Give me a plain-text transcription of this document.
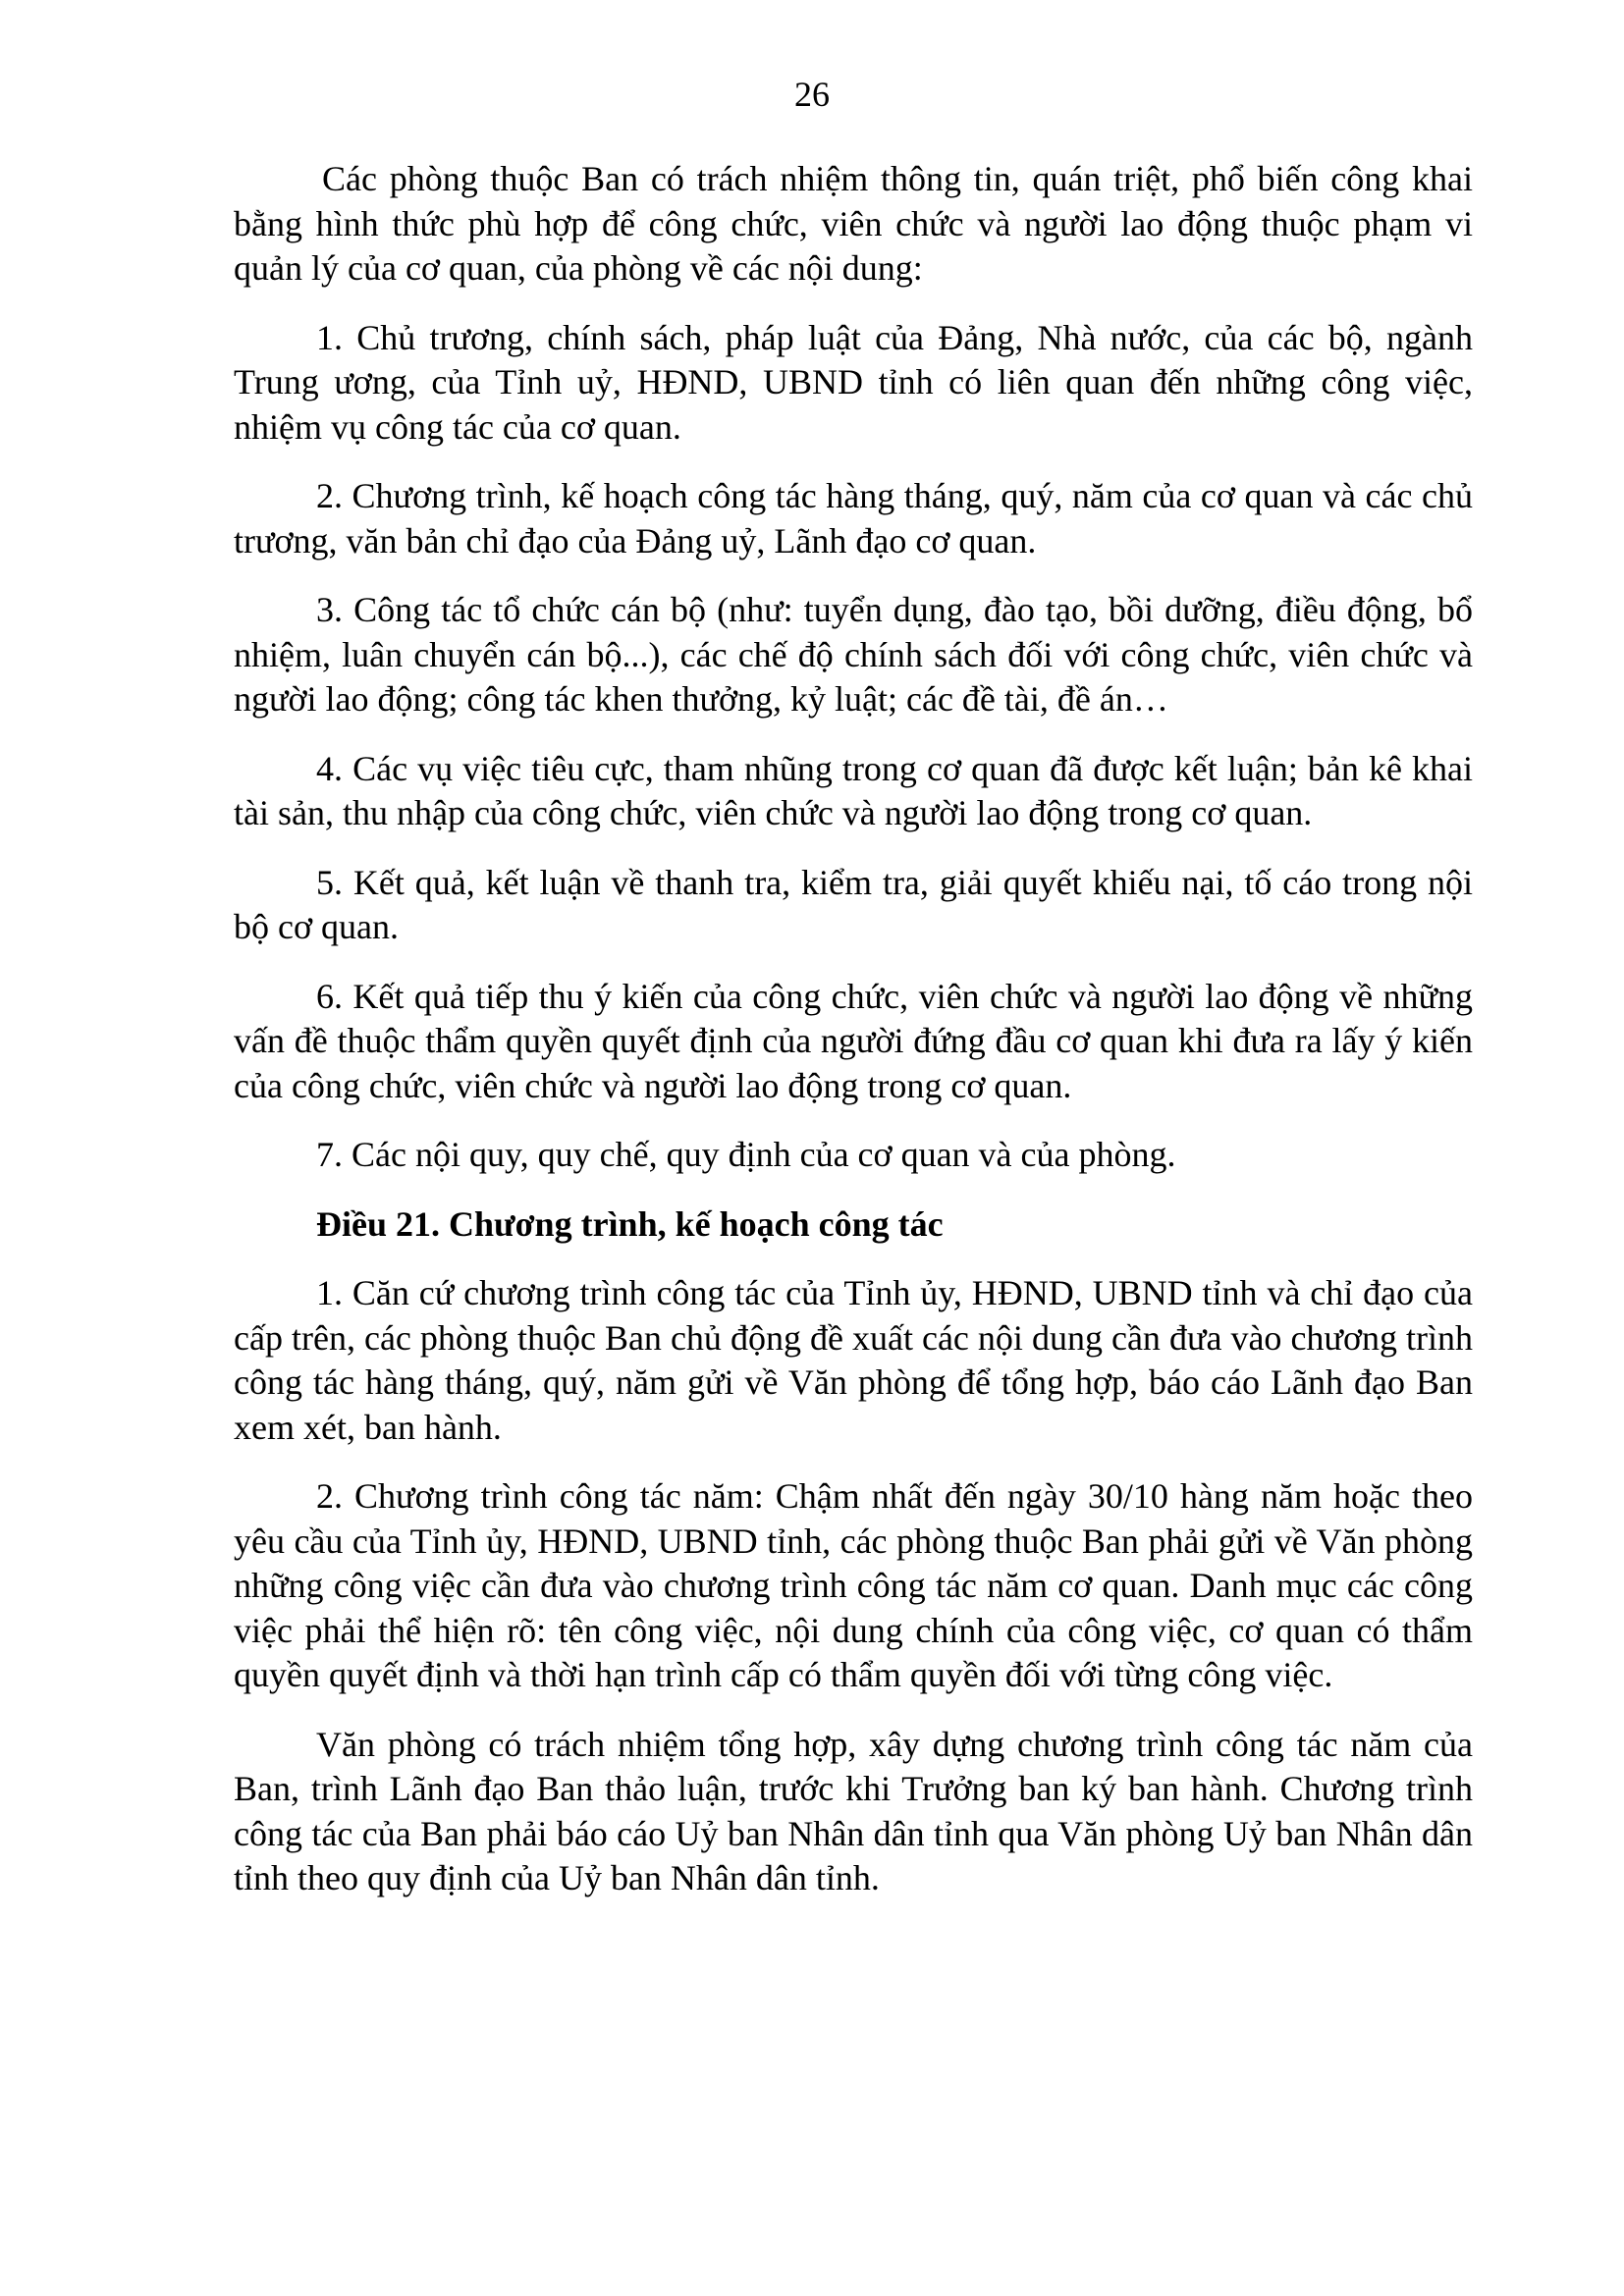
26

Các phòng thuộc Ban có trách nhiệm thông tin, quán triệt, phổ biến công khai bằng hình thức phù hợp để công chức, viên chức và người lao động thuộc phạm vi quản lý của cơ quan, của phòng về các nội dung:

1. Chủ trương, chính sách, pháp luật của Đảng, Nhà nước, của các bộ, ngành Trung ương, của Tỉnh uỷ, HĐND, UBND tỉnh có liên quan đến những công việc, nhiệm vụ công tác của cơ quan.

2. Chương trình, kế hoạch công tác hàng tháng, quý, năm của cơ quan và các chủ trương, văn bản chỉ đạo của Đảng uỷ, Lãnh đạo cơ quan.

3. Công tác tổ chức cán bộ (như: tuyển dụng, đào tạo, bồi dưỡng, điều động, bổ nhiệm, luân chuyển cán bộ...), các chế độ chính sách đối với công chức, viên chức và người lao động; công tác khen thưởng, kỷ luật; các đề tài, đề án…

4. Các vụ việc tiêu cực, tham nhũng trong cơ quan đã được kết luận; bản kê khai tài sản, thu nhập của công chức, viên chức và người lao động trong cơ quan.

5. Kết quả, kết luận về thanh tra, kiểm tra, giải quyết khiếu nại, tố cáo trong nội bộ cơ quan.

6. Kết quả tiếp thu ý kiến của công chức, viên chức và người lao động về những vấn đề thuộc thẩm quyền quyết định của người đứng đầu cơ quan khi đưa ra lấy ý kiến của công chức, viên chức và người lao động trong cơ quan.

7. Các nội quy, quy chế, quy định của cơ quan và của phòng.

Điều 21. Chương trình, kế hoạch công tác

1. Căn cứ chương trình công tác của Tỉnh ủy, HĐND, UBND tỉnh và chỉ đạo của cấp trên, các phòng thuộc Ban chủ động đề xuất các nội dung cần đưa vào chương trình công tác hàng tháng, quý, năm gửi về Văn phòng để tổng hợp, báo cáo Lãnh đạo Ban xem xét, ban hành.

2. Chương trình công tác năm: Chậm nhất đến ngày 30/10 hàng năm hoặc theo yêu cầu của Tỉnh ủy, HĐND, UBND tỉnh, các phòng thuộc Ban phải gửi về Văn phòng những công việc cần đưa vào chương trình công tác năm cơ quan. Danh mục các công việc phải thể hiện rõ: tên công việc, nội dung chính của công việc, cơ quan có thẩm quyền quyết định và thời hạn trình cấp có thẩm quyền đối với từng công việc.

Văn phòng có trách nhiệm tổng hợp, xây dựng chương trình công tác năm của Ban, trình Lãnh đạo Ban thảo luận, trước khi Trưởng ban ký ban hành. Chương trình công tác của Ban phải báo cáo Uỷ ban Nhân dân tỉnh qua Văn phòng Uỷ ban Nhân dân tỉnh theo quy định của Uỷ ban Nhân dân tỉnh.
